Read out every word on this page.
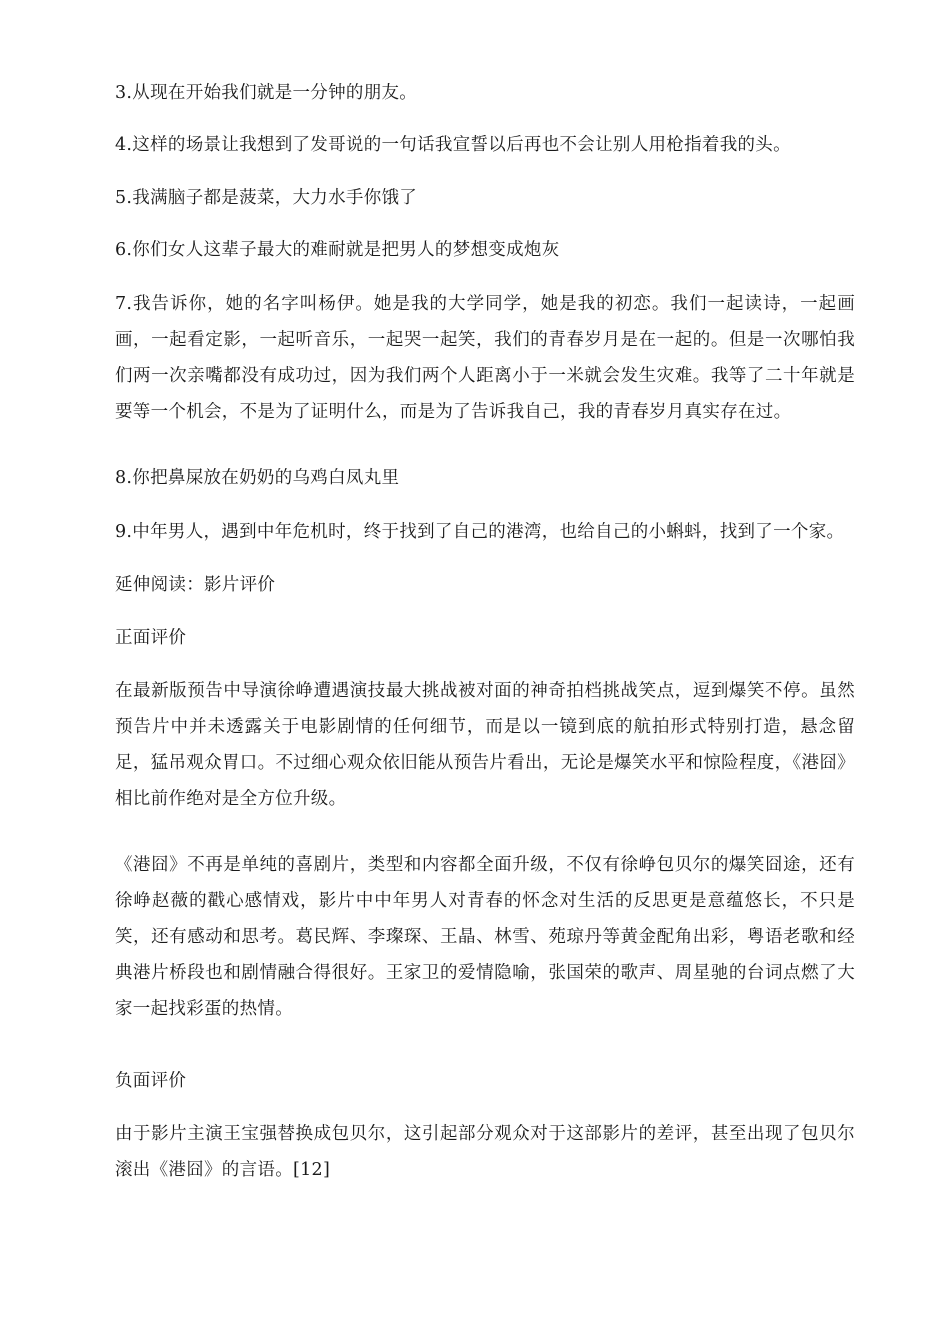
3.从现在开始我们就是一分钟的朋友。

4.这样的场景让我想到了发哥说的一句话我宣誓以后再也不会让别人用枪指着我的头。

5.我满脑子都是菠菜，大力水手你饿了

6.你们女人这辈子最大的难耐就是把男人的梦想变成炮灰

7.我告诉你，她的名字叫杨伊。她是我的大学同学，她是我的初恋。我们一起读诗，一起画画，一起看定影，一起听音乐，一起哭一起笑，我们的青春岁月是在一起的。但是一次哪怕我们两一次亲嘴都没有成功过，因为我们两个人距离小于一米就会发生灾难。我等了二十年就是要等一个机会，不是为了证明什么，而是为了告诉我自己，我的青春岁月真实存在过。

8.你把鼻屎放在奶奶的乌鸡白凤丸里

9.中年男人，遇到中年危机时，终于找到了自己的港湾，也给自己的小蝌蚪，找到了一个家。

延伸阅读：影片评价

正面评价

在最新版预告中导演徐峥遭遇演技最大挑战被对面的神奇拍档挑战笑点，逗到爆笑不停。虽然预告片中并未透露关于电影剧情的任何细节，而是以一镜到底的航拍形式特别打造，悬念留足，猛吊观众胃口。不过细心观众依旧能从预告片看出，无论是爆笑水平和惊险程度，《港囧》相比前作绝对是全方位升级。

《港囧》不再是单纯的喜剧片，类型和内容都全面升级，不仅有徐峥包贝尔的爆笑囧途，还有徐峥赵薇的戳心感情戏，影片中中年男人对青春的怀念对生活的反思更是意蕴悠长，不只是笑，还有感动和思考。葛民辉、李璨琛、王晶、林雪、苑琼丹等黄金配角出彩，粤语老歌和经典港片桥段也和剧情融合得很好。王家卫的爱情隐喻，张国荣的歌声、周星驰的台词点燃了大家一起找彩蛋的热情。

负面评价

由于影片主演王宝强替换成包贝尔，这引起部分观众对于这部影片的差评，甚至出现了包贝尔滚出《港囧》的言语。[12]
